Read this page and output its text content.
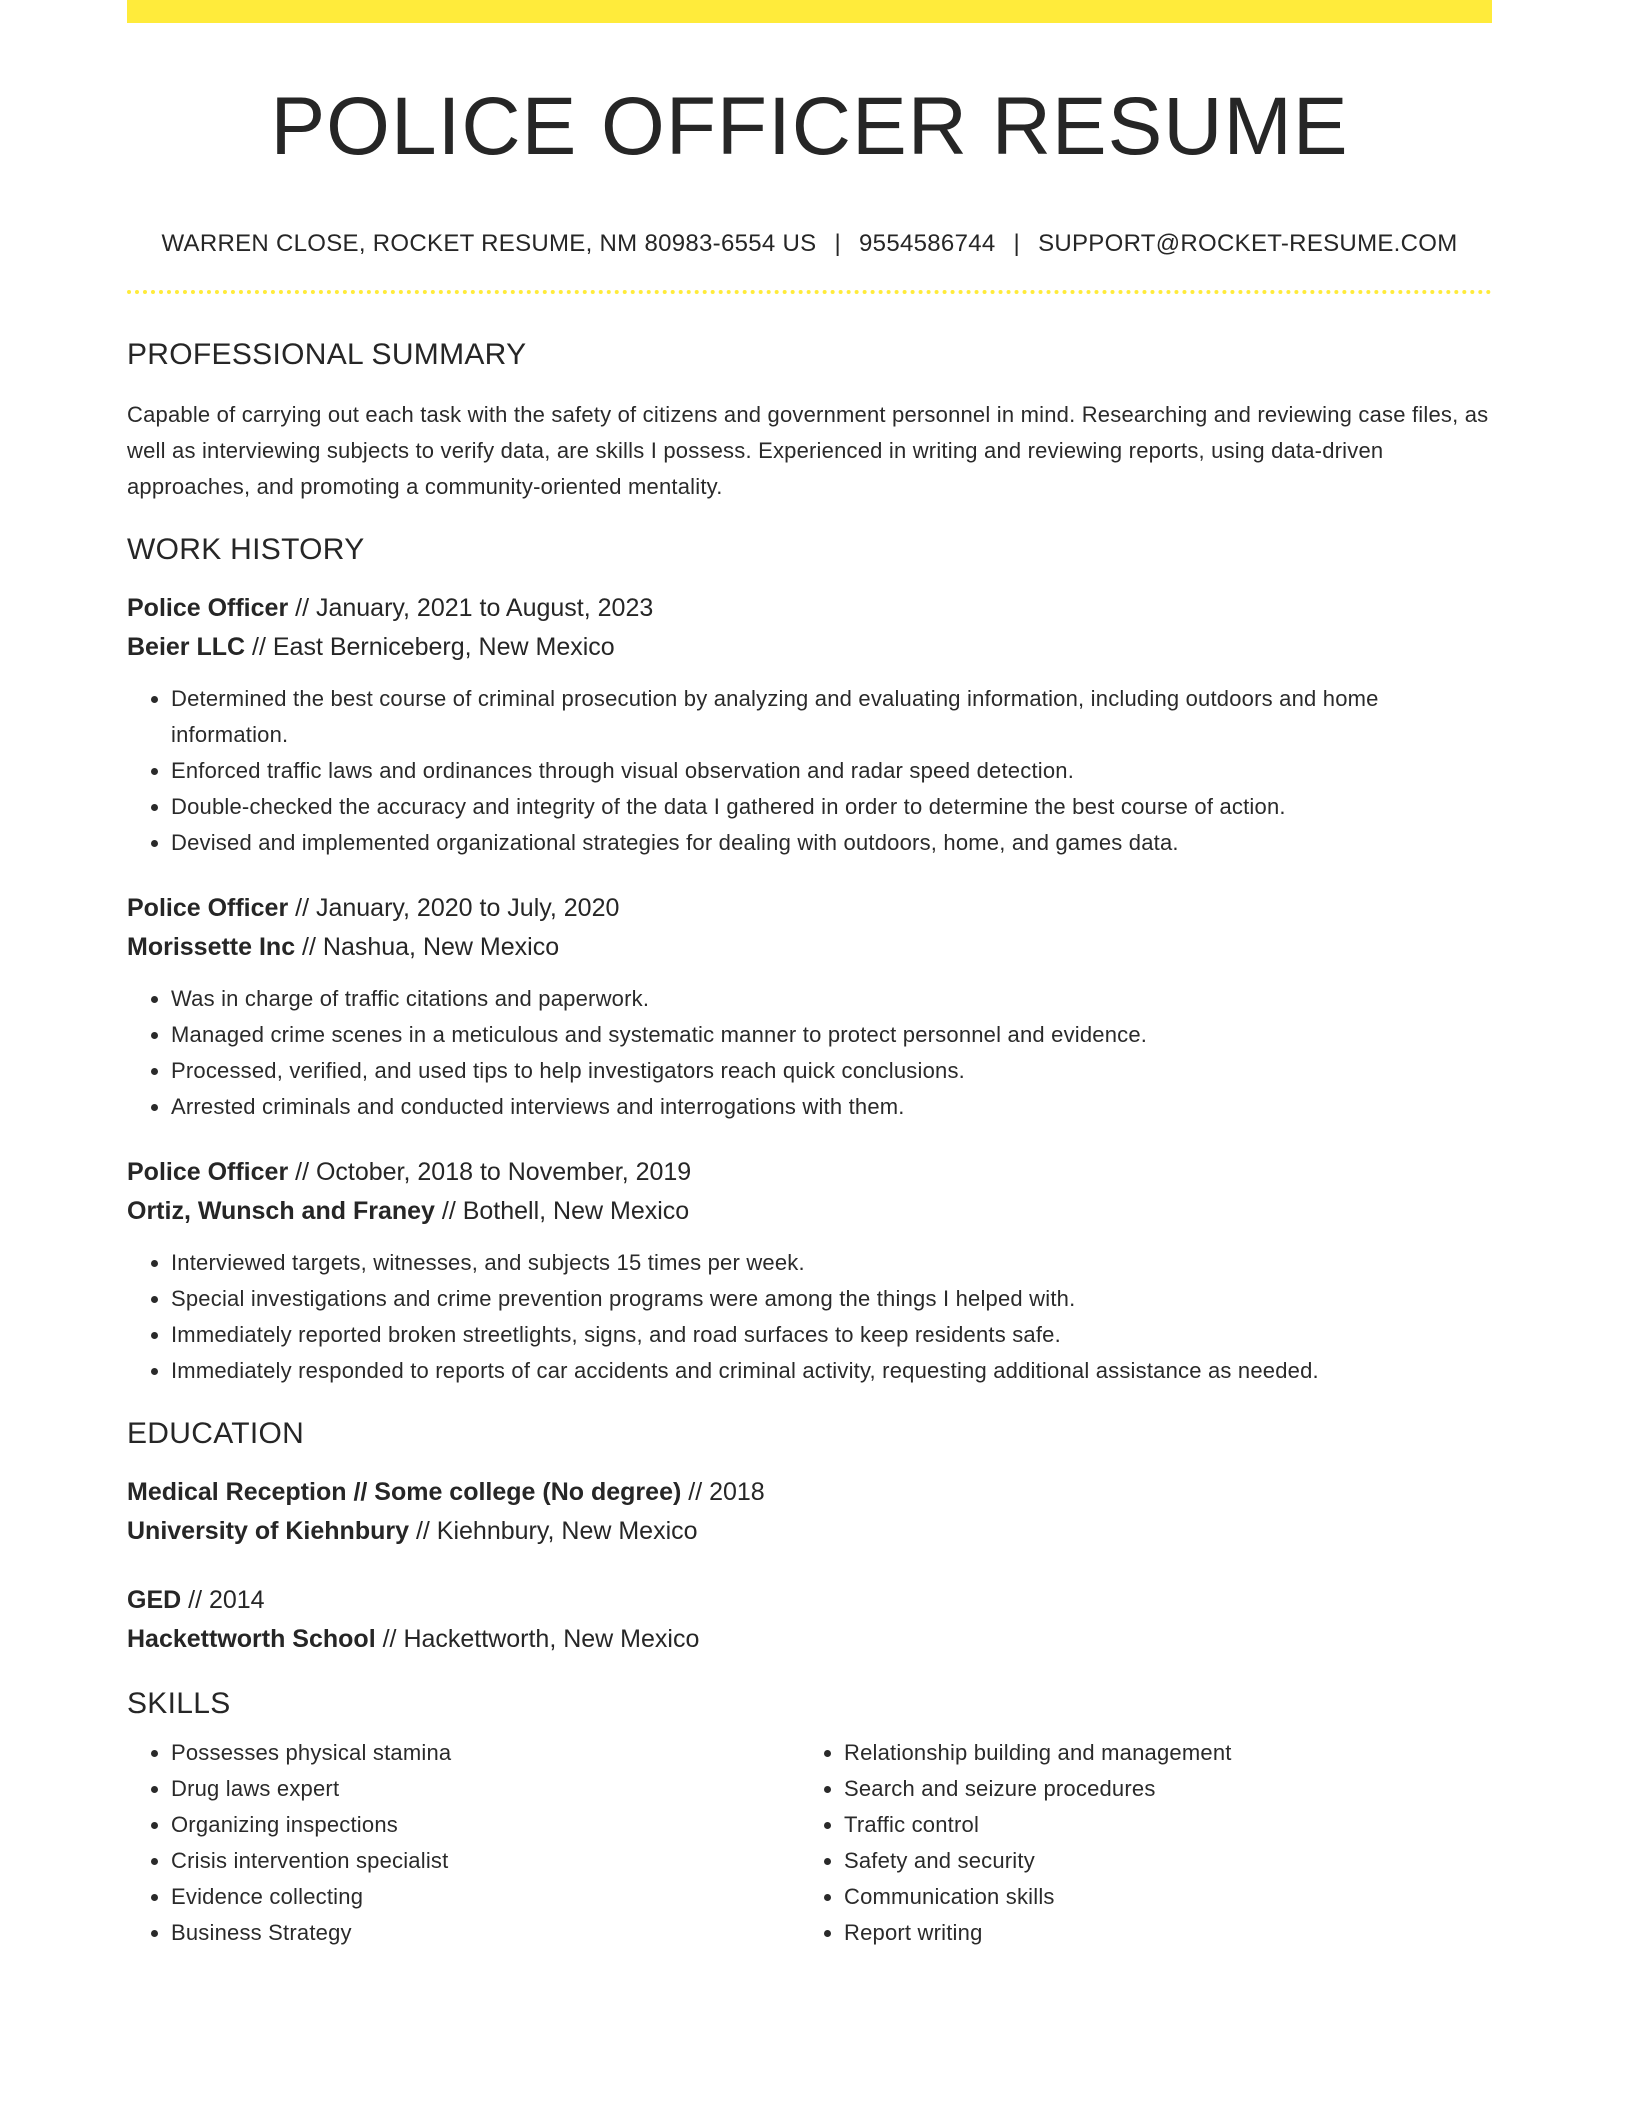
POLICE OFFICER RESUME
WARREN CLOSE, ROCKET RESUME, NM 80983-6554 US | 9554586744 | SUPPORT@ROCKET-RESUME.COM
PROFESSIONAL SUMMARY
Capable of carrying out each task with the safety of citizens and government personnel in mind. Researching and reviewing case files, as well as interviewing subjects to verify data, are skills I possess. Experienced in writing and reviewing reports, using data-driven approaches, and promoting a community-oriented mentality.
WORK HISTORY
Police Officer // January, 2021 to August, 2023
Beier LLC // East Berniceberg, New Mexico
• Determined the best course of criminal prosecution by analyzing and evaluating information, including outdoors and home information.
• Enforced traffic laws and ordinances through visual observation and radar speed detection.
• Double-checked the accuracy and integrity of the data I gathered in order to determine the best course of action.
• Devised and implemented organizational strategies for dealing with outdoors, home, and games data.
Police Officer // January, 2020 to July, 2020
Morissette Inc // Nashua, New Mexico
• Was in charge of traffic citations and paperwork.
• Managed crime scenes in a meticulous and systematic manner to protect personnel and evidence.
• Processed, verified, and used tips to help investigators reach quick conclusions.
• Arrested criminals and conducted interviews and interrogations with them.
Police Officer // October, 2018 to November, 2019
Ortiz, Wunsch and Franey // Bothell, New Mexico
• Interviewed targets, witnesses, and subjects 15 times per week.
• Special investigations and crime prevention programs were among the things I helped with.
• Immediately reported broken streetlights, signs, and road surfaces to keep residents safe.
• Immediately responded to reports of car accidents and criminal activity, requesting additional assistance as needed.
EDUCATION
Medical Reception // Some college (No degree) // 2018
University of Kiehnbury // Kiehnbury, New Mexico
GED // 2014
Hackettworth School // Hackettworth, New Mexico
SKILLS
• Possesses physical stamina
• Drug laws expert
• Organizing inspections
• Crisis intervention specialist
• Evidence collecting
• Business Strategy
• Relationship building and management
• Search and seizure procedures
• Traffic control
• Safety and security
• Communication skills
• Report writing
